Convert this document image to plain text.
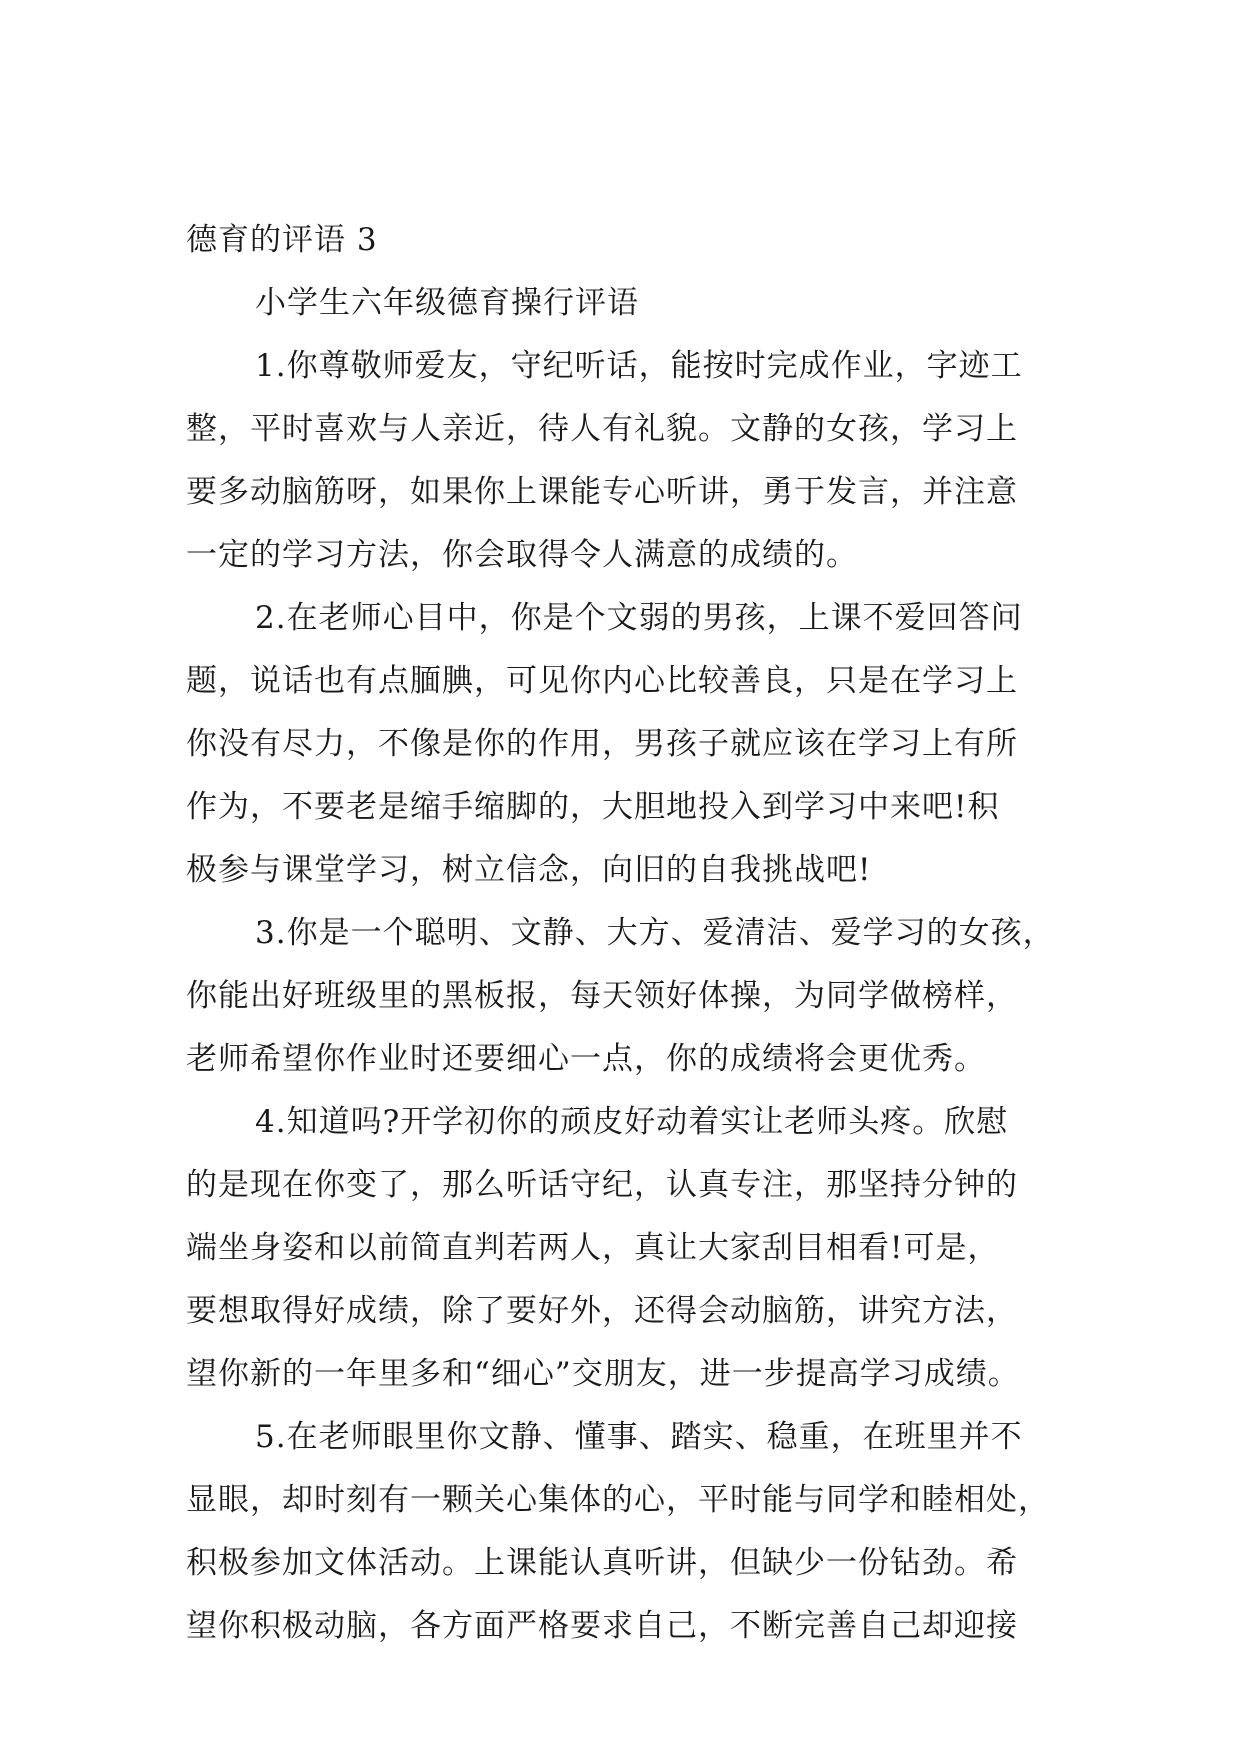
德育的评语 3
小学生六年级德育操行评语
1.你尊敬师爱友，守纪听话，能按时完成作业，字迹工
整，平时喜欢与人亲近，待人有礼貌。文静的女孩，学习上
要多动脑筋呀，如果你上课能专心听讲，勇于发言，并注意
一定的学习方法，你会取得令人满意的成绩的。
2.在老师心目中，你是个文弱的男孩，上课不爱回答问
题，说话也有点腼腆，可见你内心比较善良，只是在学习上
你没有尽力，不像是你的作用，男孩子就应该在学习上有所
作为，不要老是缩手缩脚的，大胆地投入到学习中来吧!积
极参与课堂学习，树立信念，向旧的自我挑战吧!
3.你是一个聪明、文静、大方、爱清洁、爱学习的女孩，
你能出好班级里的黑板报，每天领好体操，为同学做榜样，
老师希望你作业时还要细心一点，你的成绩将会更优秀。
4.知道吗?开学初你的顽皮好动着实让老师头疼。欣慰
的是现在你变了，那么听话守纪，认真专注，那坚持分钟的
端坐身姿和以前简直判若两人，真让大家刮目相看!可是，
要想取得好成绩，除了要好外，还得会动脑筋，讲究方法，
望你新的一年里多和“细心”交朋友，进一步提高学习成绩。
5.在老师眼里你文静、懂事、踏实、稳重，在班里并不
显眼，却时刻有一颗关心集体的心，平时能与同学和睦相处，
积极参加文体活动。上课能认真听讲，但缺少一份钻劲。希
望你积极动脑，各方面严格要求自己，不断完善自己却迎接
